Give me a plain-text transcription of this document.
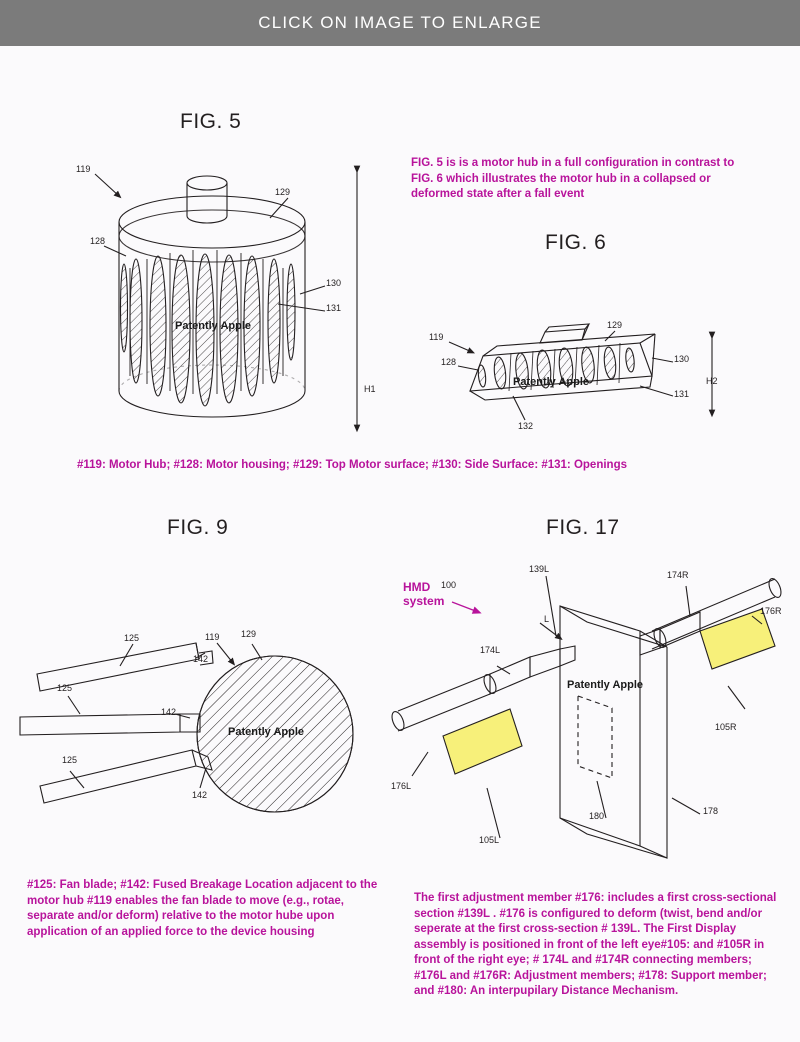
CLICK ON IMAGE TO ENLARGE
FIG. 5
FIG. 6
FIG. 9	FIG. 17
119
128
129
130
131
H1
Patently Apple
FIG. 5 is is a motor hub in a full configuration in contrast to FIG. 6 which illustrates the motor hub in a collapsed or deformed state after a fall event
119
128
129
130
131
132
H2
Patently Apple
#119: Motor Hub; #128: Motor housing; #129: Top Motor surface; #130: Side Surface: #131: Openings
125
125
125
142
142
142
119 129
Patently Apple
HMD
system
100
139L
L
174L
174R
176R
176L
105R
105L
178
180
Patently Apple
#125: Fan blade; #142: Fused Breakage Location adjacent to the motor hub #119 enables the fan blade to move (e.g., rotae, separate and/or deform) relative to the motor hube upon application of an applied force to the device housing
The first adjustment member #176: includes a first cross-sectional section #139L . #176 is configured to deform (twist, bend and/or seperate at the first cross-section # 139L. The First Display assembly is positioned in front of the left eye#105: and #105R in front of the right eye; # 174L and #174R connecting members; #176L and #176R: Adjustment members; #178: Support member; and #180: An interpupilary Distance Mechanism.
